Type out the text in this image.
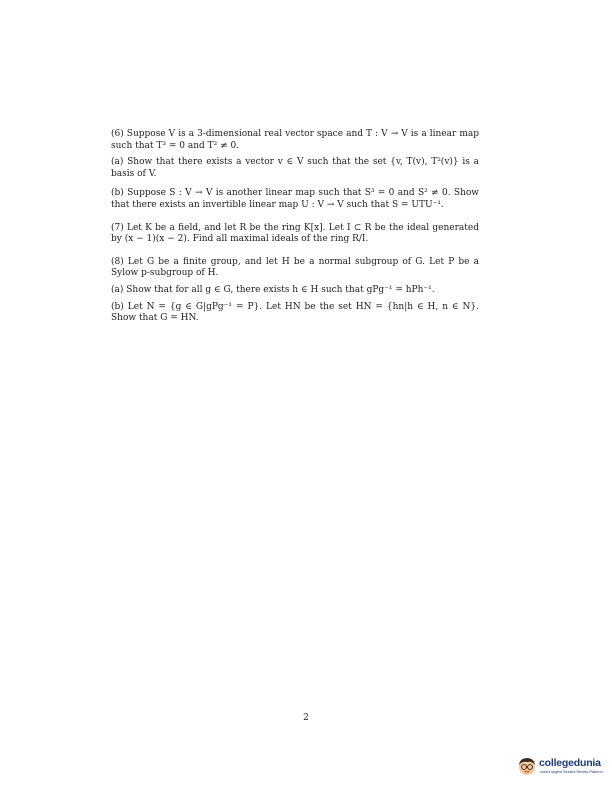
(6) Suppose V is a 3-dimensional real vector space and T : V → V is a linear map such that T³ = 0 and T² ≠ 0.

(a) Show that there exists a vector v ∈ V such that the set {v, T(v), T²(v)} is a basis of V.

(b) Suppose S : V → V is another linear map such that S³ = 0 and S² ≠ 0. Show that there exists an invertible linear map U : V → V such that S = UTU⁻¹.

(7) Let K be a field, and let R be the ring K[x]. Let I ⊂ R be the ideal generated by (x − 1)(x − 2). Find all maximal ideals of the ring R/I.

(8) Let G be a finite group, and let H be a normal subgroup of G. Let P be a Sylow p-subgroup of H.

(a) Show that for all g ∈ G, there exists h ∈ H such that gPg⁻¹ = hPh⁻¹.

(b) Let N = {g ∈ G|gPg⁻¹ = P}. Let HN be the set HN = {hn|h ∈ H, n ∈ N}. Show that G = HN.

2
collegedunia
India's largest Student Review Platform
